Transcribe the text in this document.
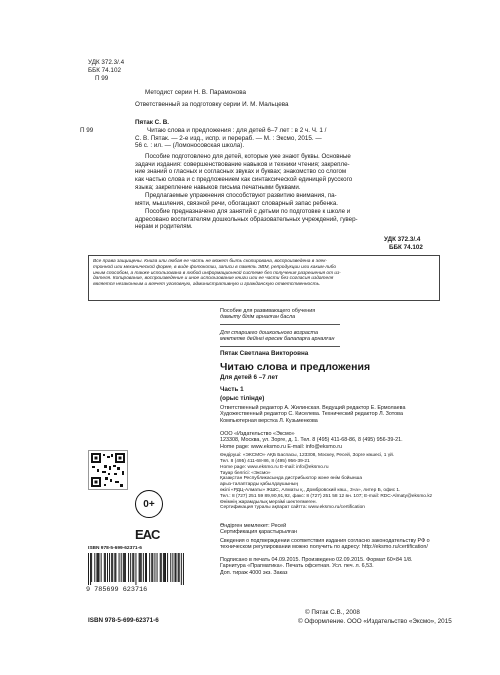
УДК 372.3/.4
ББК 74.102
П 99
Методист серии Н. В. Парамонова
Ответственный за подготовку серии И. М. Мальцева
П 99
Пятак С. В.
Читаю слова и предложения : для детей 6–7 лет : в 2 ч. Ч. 1 /
С. В. Пятак. — 2-е изд., испр. и перераб. — М. : Эксмо, 2015. —
56 с. : ил. — (Ломоносовская школа).
Пособие подготовлено для детей, которые уже знают буквы. Основные
задачи издания: совершенствование навыков и техники чтения; закрепле-
ние знаний о гласных и согласных звуках и буквах; знакомство со слогом
как частью слова и с предложением как синтаксической единицей русского
языка; закрепление навыков письма печатными буквами.
Предлагаемые упражнения способствуют развитию внимания, па-
мяти, мышления, связной речи, обогащают словарный запас ребенка.
Пособие предназначено для занятий с детьми по подготовке к школе и
адресовано воспитателям дошкольных образовательных учреждений, гувер-
нерам и родителям.
УДК 372.3/.4
ББК 74.102
Все права защищены. Книга или любая ее часть не может быть скопирована, воспроизведена в элек-
тронной или механической форме, в виде фотокопии, записи в память ЭВМ, репродукции или каким-либо
иным способом, а также использована в любой информационной системе без получения разрешения от из-
дателя. Копирование, воспроизведение и иное использование книги или ее части без согласия издателя
является незаконным и влечет уголовную, административную и гражданскую ответственность.
Пособие для развивающего обучения
дамыту білім арналған басла
Для старшего дошкольного возраста
мектепке дейінгі ересек балаларға арналған
Пятак Светлана Викторовна
Читаю слова и предложения
Для детей 6 –7 лет
Часть 1
(орыс тілінде)
Ответственный редактор А. Жилинская. Ведущий редактор Е. Ермолаева
Художественный редактор С. Киселева. Технический редактор Л. Зотова
Компьютерная верстка Л. Кузьменкова
ООО «Издательство «Эксмо»
123308, Москва, ул. Зорге, д. 1. Тел. 8 (495) 411-68-86, 8 (495) 956-39-21.
Home page: www.eksmo.ru E-mail: info@eksmo.ru
Өндіруші: «ЭКСМО» АҚБ Баспасы, 123308, Мәскеу, Ресей, Зорге көшесі, 1 үй.
Тел. 8 (495) 411-68-86, 8 (495) 956-39-21
Home page: www.eksmo.ru E-mail: info@eksmo.ru
Тауар белгісі: «Эксмо»
Қазақстан Республикасында дистрибьютор және өнім бойынша
арыз-талаптарды қабылдаушының
өкілі «РДЦ-Алматы» ЖШС, Алматы қ., Домбровский көш., 3«а», литер Б, офис 1.
Тел.: 8 (727) 251 59 89,90,91,92, факс: 8 (727) 251 58 12 вн. 107; E-mail: RDC-Almaty@eksmo.kz
Өнімнің жарамдылық мерзімі шектелмеген.
Сертификация туралы ақпарат сайтта: www.eksmo.ru/certification
Өндірген мемлекет: Ресей
Сертификация қарастырылған
Сведения о подтверждении соответствия издания согласно законодательству РФ о
техническом регулировании можно получить по адресу: http://eksmo.ru/certification/
Подписано в печать 04.09.2015. Произведено 02.09.2015. Формат 60×84 1/8.
Гарнитура «Прагматика». Печать офсетная. Усл. печ. л. 6,53.
Доп. тираж 4000 экз. Заказ
0+
EAC
ISBN 978-5-699-62371-6
9 785699 623716
ISBN 978-5-699-62371-6
© Пятак С.В., 2008
© Оформление. ООО «Издательство «Эксмо», 2015
